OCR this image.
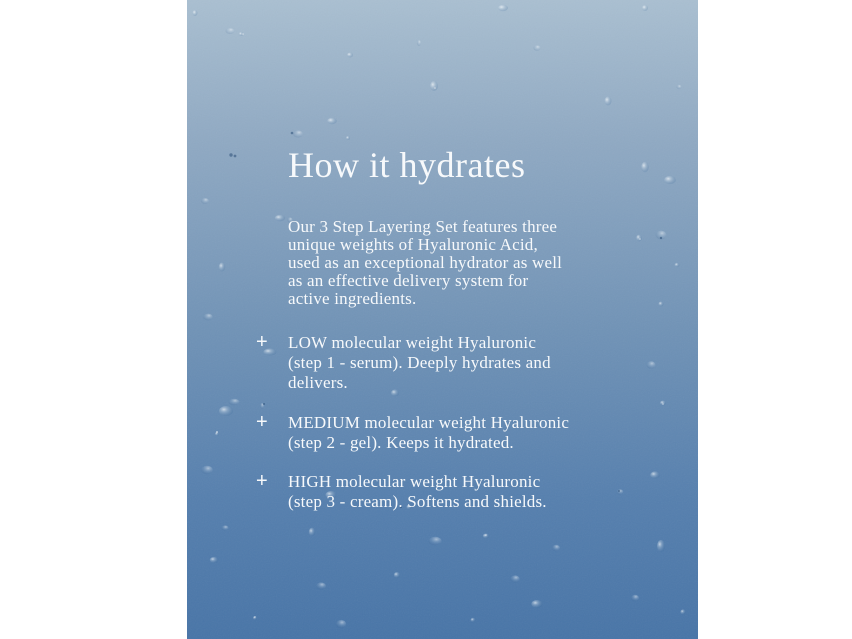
How it hydrates

Our 3 Step Layering Set features three
unique weights of Hyaluronic Acid,
used as an exceptional hydrator as well
as an effective delivery system for
active ingredients.

+	LOW molecular weight Hyaluronic
(step 1 - serum). Deeply hydrates and
delivers.
+	MEDIUM molecular weight Hyaluronic
(step 2 - gel). Keeps it hydrated.
+	HIGH molecular weight Hyaluronic
(step 3 - cream). Softens and shields.
